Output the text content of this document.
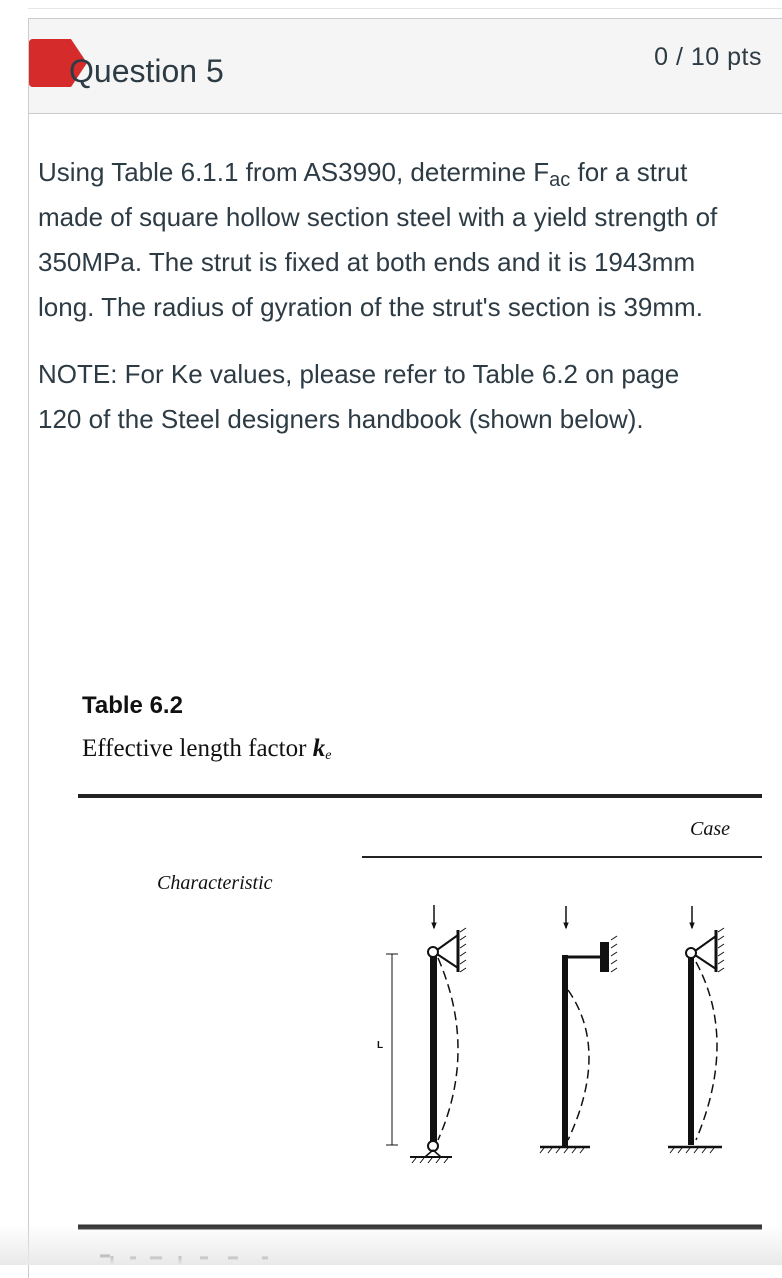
Question 5	0 / 10 pts

Using Table 6.1.1 from AS3990, determine $F_{ac}$ for a strut made of square hollow section steel with a yield strength of 350MPa. The strut is fixed at both ends and it is 1943mm long. The radius of gyration of the strut's section is 39mm.

NOTE: For Ke values, please refer to Table 6.2 on page 120 of the Steel designers handbook (shown below).

Table 6.2
Effective length factor $k_e$
Case
Characteristic
L
